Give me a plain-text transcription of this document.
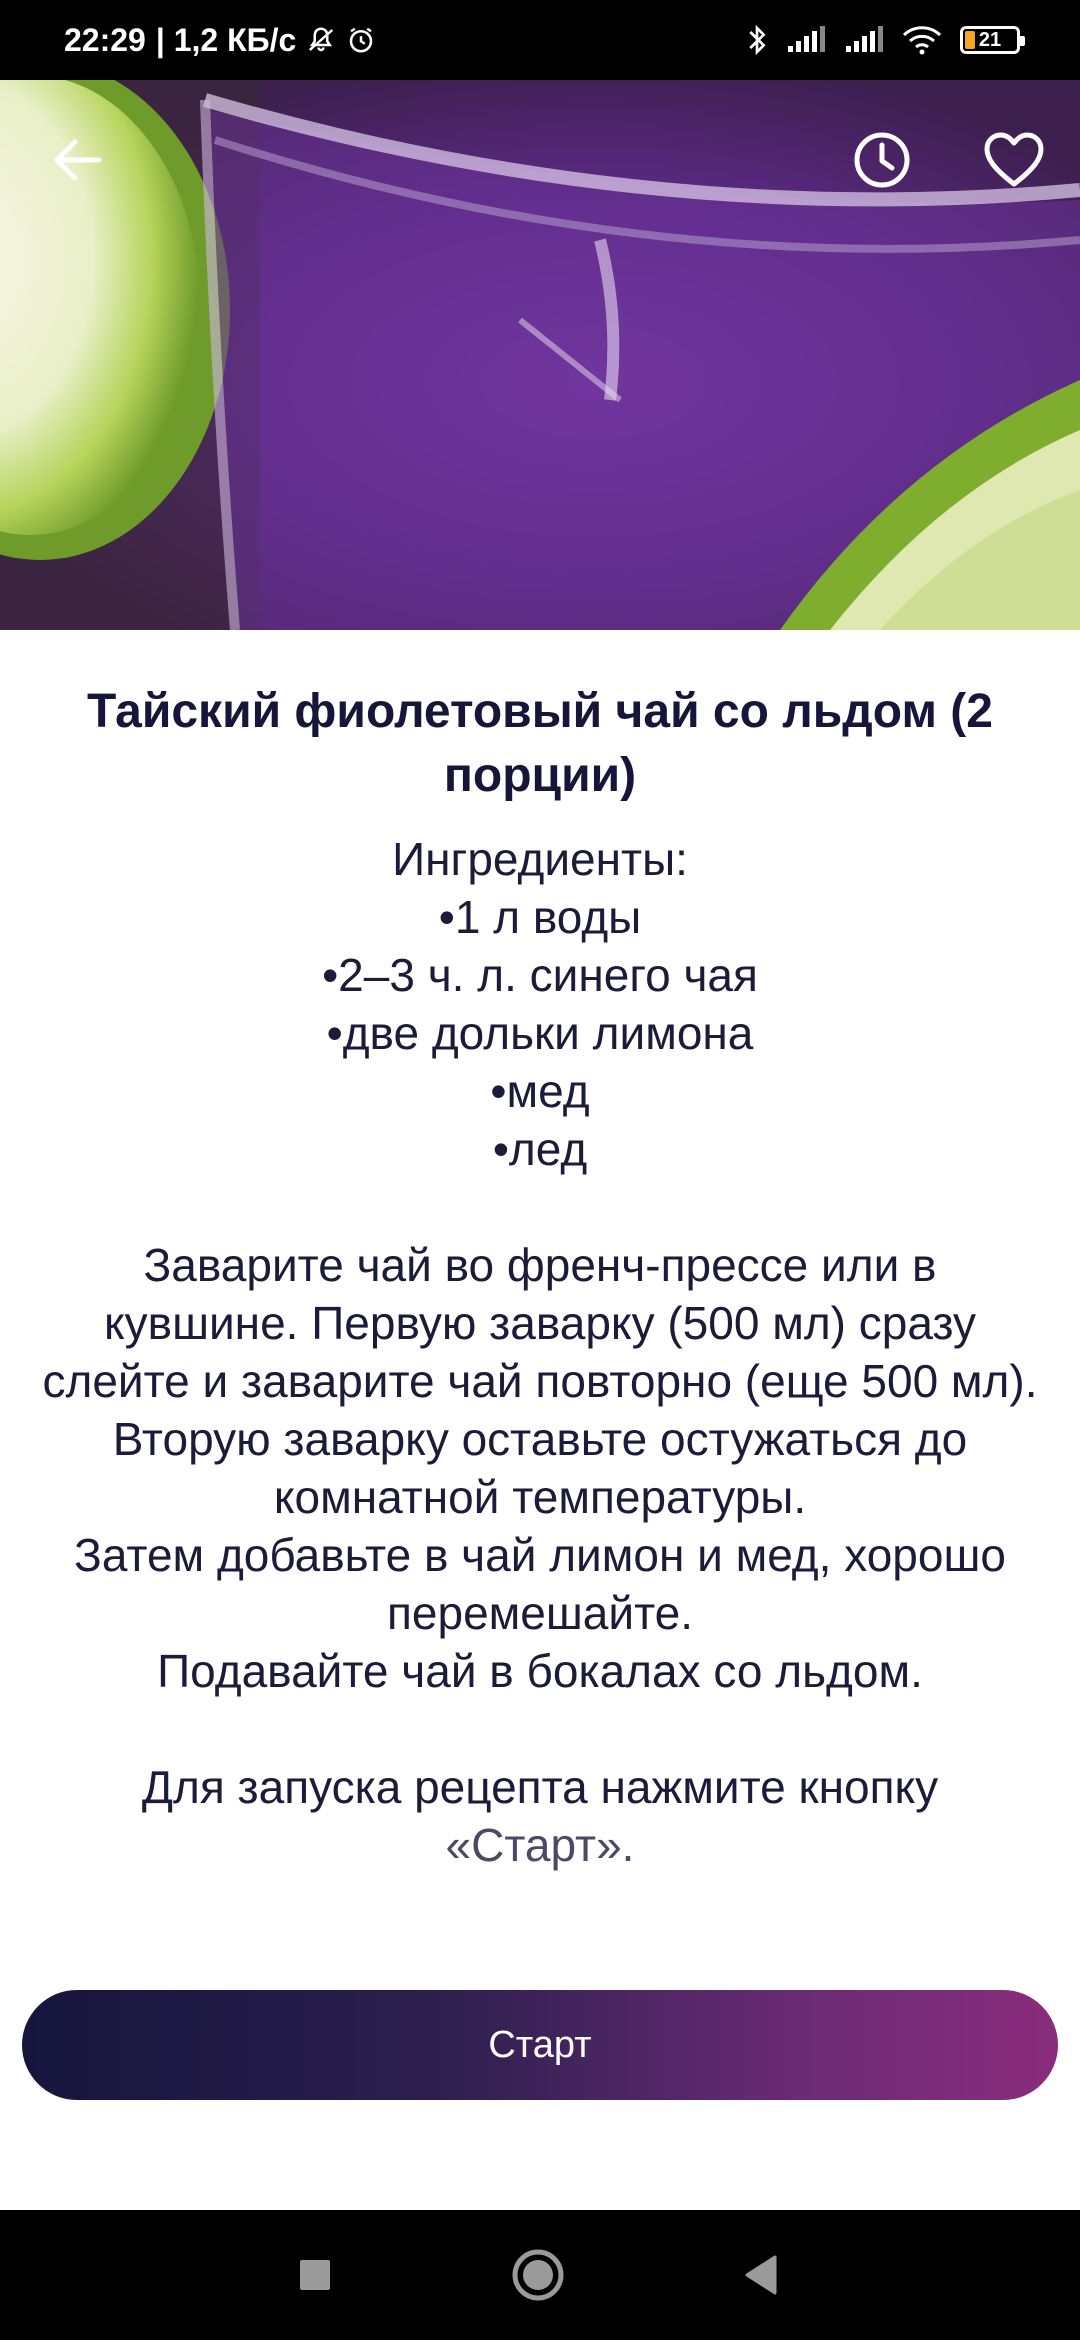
22:29 | 1,2 КБ/с	21
Тайский фиолетовый чай со льдом (2 порции)
Ингредиенты:
•1 л воды
•2–3 ч. л. синего чая
•две дольки лимона
•мед
•лед

Заварите чай во френч-прессе или в кувшине. Первую заварку (500 мл) сразу слейте и заварите чай повторно (еще 500 мл). Вторую заварку оставьте остужаться до комнатной температуры.

Затем добавьте в чай лимон и мед, хорошо перемешайте.

Подавайте чай в бокалах со льдом.

Для запуска рецепта нажмите кнопку

«Старт».

Старт
